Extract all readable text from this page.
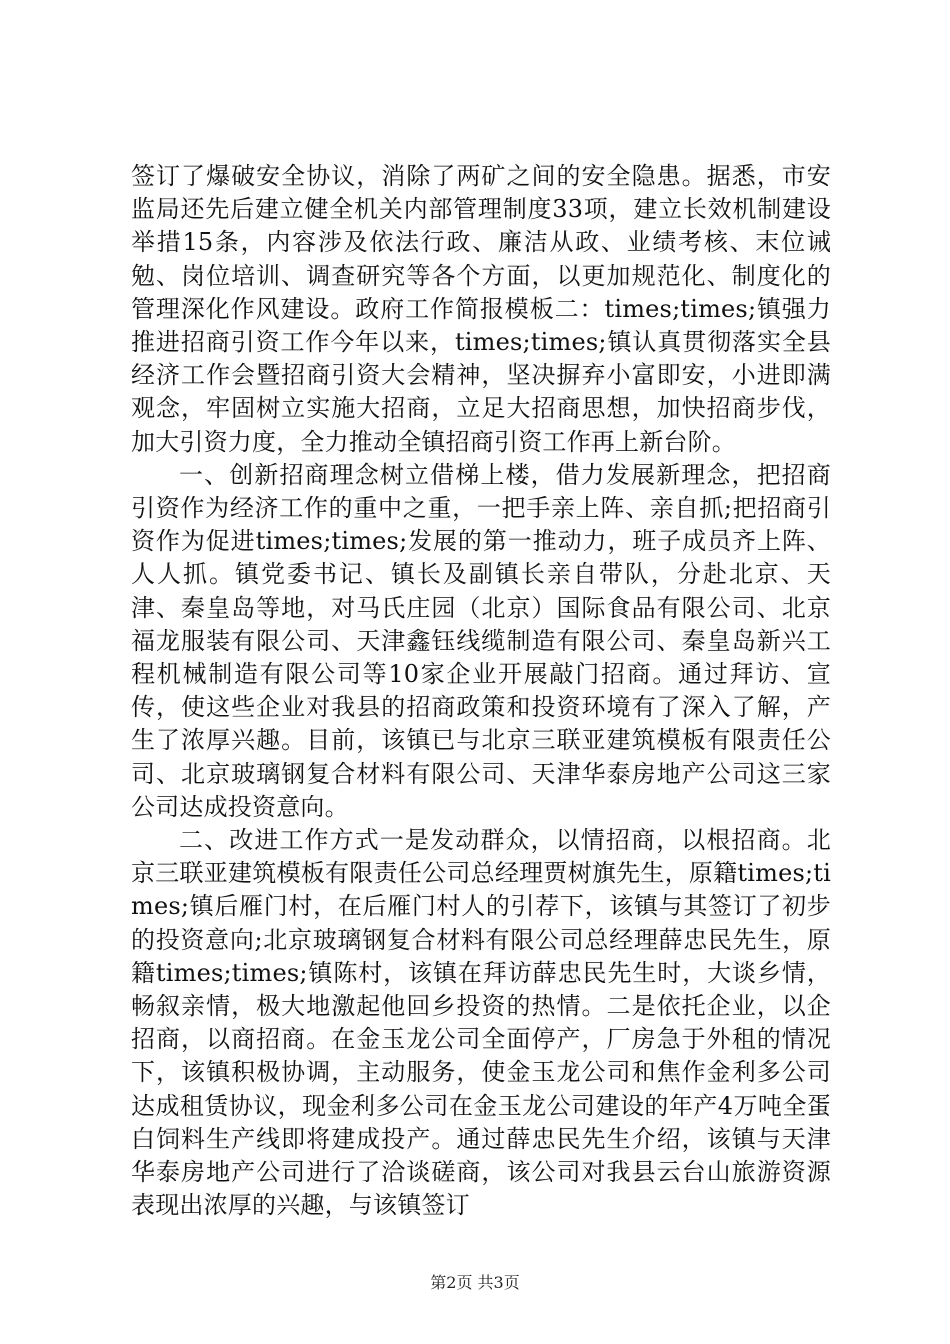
签订了爆破安全协议，消除了两矿之间的安全隐患。据悉，市安监局还先后建立健全机关内部管理制度33项，建立长效机制建设举措15条，内容涉及依法行政、廉洁从政、业绩考核、末位诫勉、岗位培训、调查研究等各个方面，以更加规范化、制度化的管理深化作风建设。政府工作简报模板二：times;times;镇强力推进招商引资工作今年以来，times;times;镇认真贯彻落实全县经济工作会暨招商引资大会精神，坚决摒弃小富即安，小进即满观念，牢固树立实施大招商，立足大招商思想，加快招商步伐，加大引资力度，全力推动全镇招商引资工作再上新台阶。

一、创新招商理念树立借梯上楼，借力发展新理念，把招商引资作为经济工作的重中之重，一把手亲上阵、亲自抓;把招商引资作为促进times;times;发展的第一推动力，班子成员齐上阵、人人抓。镇党委书记、镇长及副镇长亲自带队，分赴北京、天津、秦皇岛等地，对马氏庄园（北京）国际食品有限公司、北京福龙服装有限公司、天津鑫钰线缆制造有限公司、秦皇岛新兴工程机械制造有限公司等10家企业开展敲门招商。通过拜访、宣传，使这些企业对我县的招商政策和投资环境有了深入了解，产生了浓厚兴趣。目前，该镇已与北京三联亚建筑模板有限责任公司、北京玻璃钢复合材料有限公司、天津华泰房地产公司这三家公司达成投资意向。

二、改进工作方式一是发动群众，以情招商，以根招商。北京三联亚建筑模板有限责任公司总经理贾树旗先生，原籍times;times;镇后雁门村，在后雁门村人的引荐下，该镇与其签订了初步的投资意向;北京玻璃钢复合材料有限公司总经理薛忠民先生，原籍times;times;镇陈村，该镇在拜访薛忠民先生时，大谈乡情，畅叙亲情，极大地激起他回乡投资的热情。二是依托企业，以企招商，以商招商。在金玉龙公司全面停产，厂房急于外租的情况下，该镇积极协调，主动服务，使金玉龙公司和焦作金利多公司达成租赁协议，现金利多公司在金玉龙公司建设的年产4万吨全蛋白饲料生产线即将建成投产。通过薛忠民先生介绍，该镇与天津华泰房地产公司进行了洽谈磋商，该公司对我县云台山旅游资源表现出浓厚的兴趣，与该镇签订

第2页 共3页
